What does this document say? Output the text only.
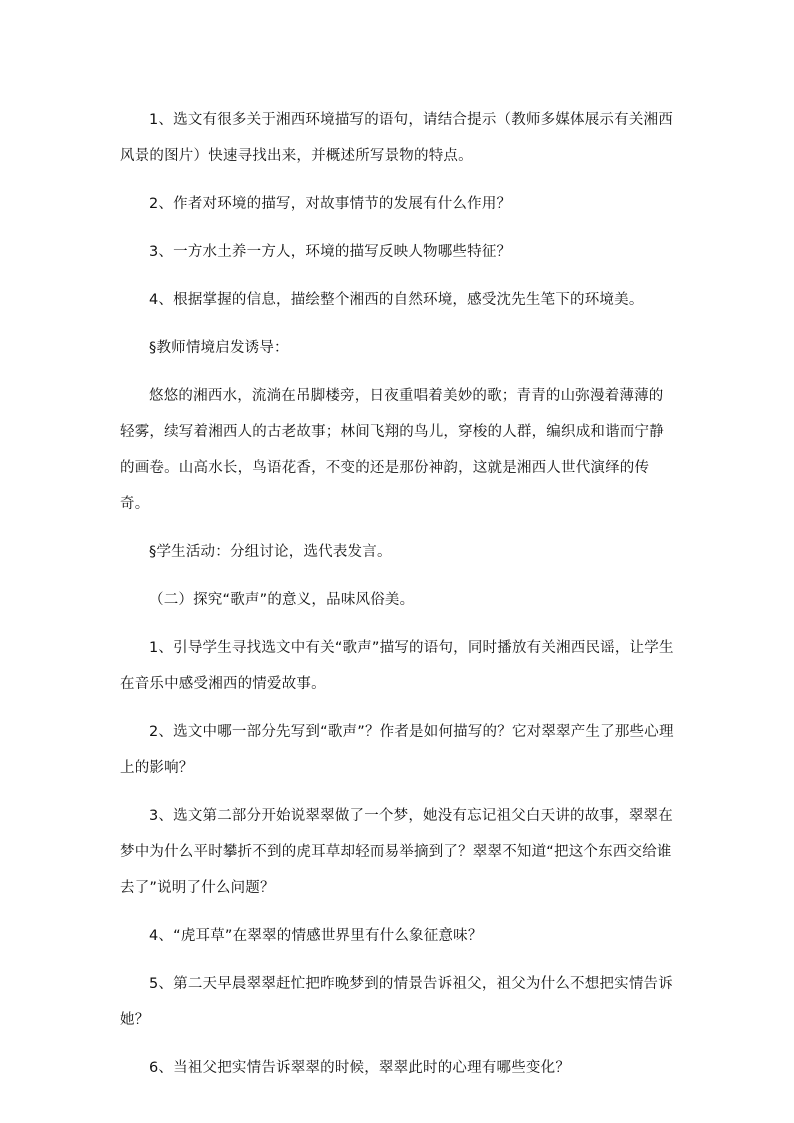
1、选文有很多关于湘西环境描写的语句，请结合提示（教师多媒体展示有关湘西风景的图片）快速寻找出来，并概述所写景物的特点。

2、作者对环境的描写，对故事情节的发展有什么作用？

3、一方水土养一方人，环境的描写反映人物哪些特征？

4、根据掌握的信息，描绘整个湘西的自然环境，感受沈先生笔下的环境美。

§教师情境启发诱导：

悠悠的湘西水，流淌在吊脚楼旁，日夜重唱着美妙的歌；青青的山弥漫着薄薄的轻雾，续写着湘西人的古老故事；林间飞翔的鸟儿，穿梭的人群，编织成和谐而宁静的画卷。山高水长，鸟语花香，不变的还是那份神韵，这就是湘西人世代演绎的传奇。

§学生活动：分组讨论，选代表发言。

（二）探究“歌声”的意义，品味风俗美。

1、引导学生寻找选文中有关“歌声”描写的语句，同时播放有关湘西民谣，让学生在音乐中感受湘西的情爱故事。

2、选文中哪一部分先写到“歌声”？作者是如何描写的？它对翠翠产生了那些心理上的影响？

3、选文第二部分开始说翠翠做了一个梦，她没有忘记祖父白天讲的故事，翠翠在梦中为什么平时攀折不到的虎耳草却轻而易举摘到了？翠翠不知道“把这个东西交给谁去了”说明了什么问题？

4、“虎耳草”在翠翠的情感世界里有什么象征意味？

5、第二天早晨翠翠赶忙把昨晚梦到的情景告诉祖父，祖父为什么不想把实情告诉她？

6、当祖父把实情告诉翠翠的时候，翠翠此时的心理有哪些变化？
